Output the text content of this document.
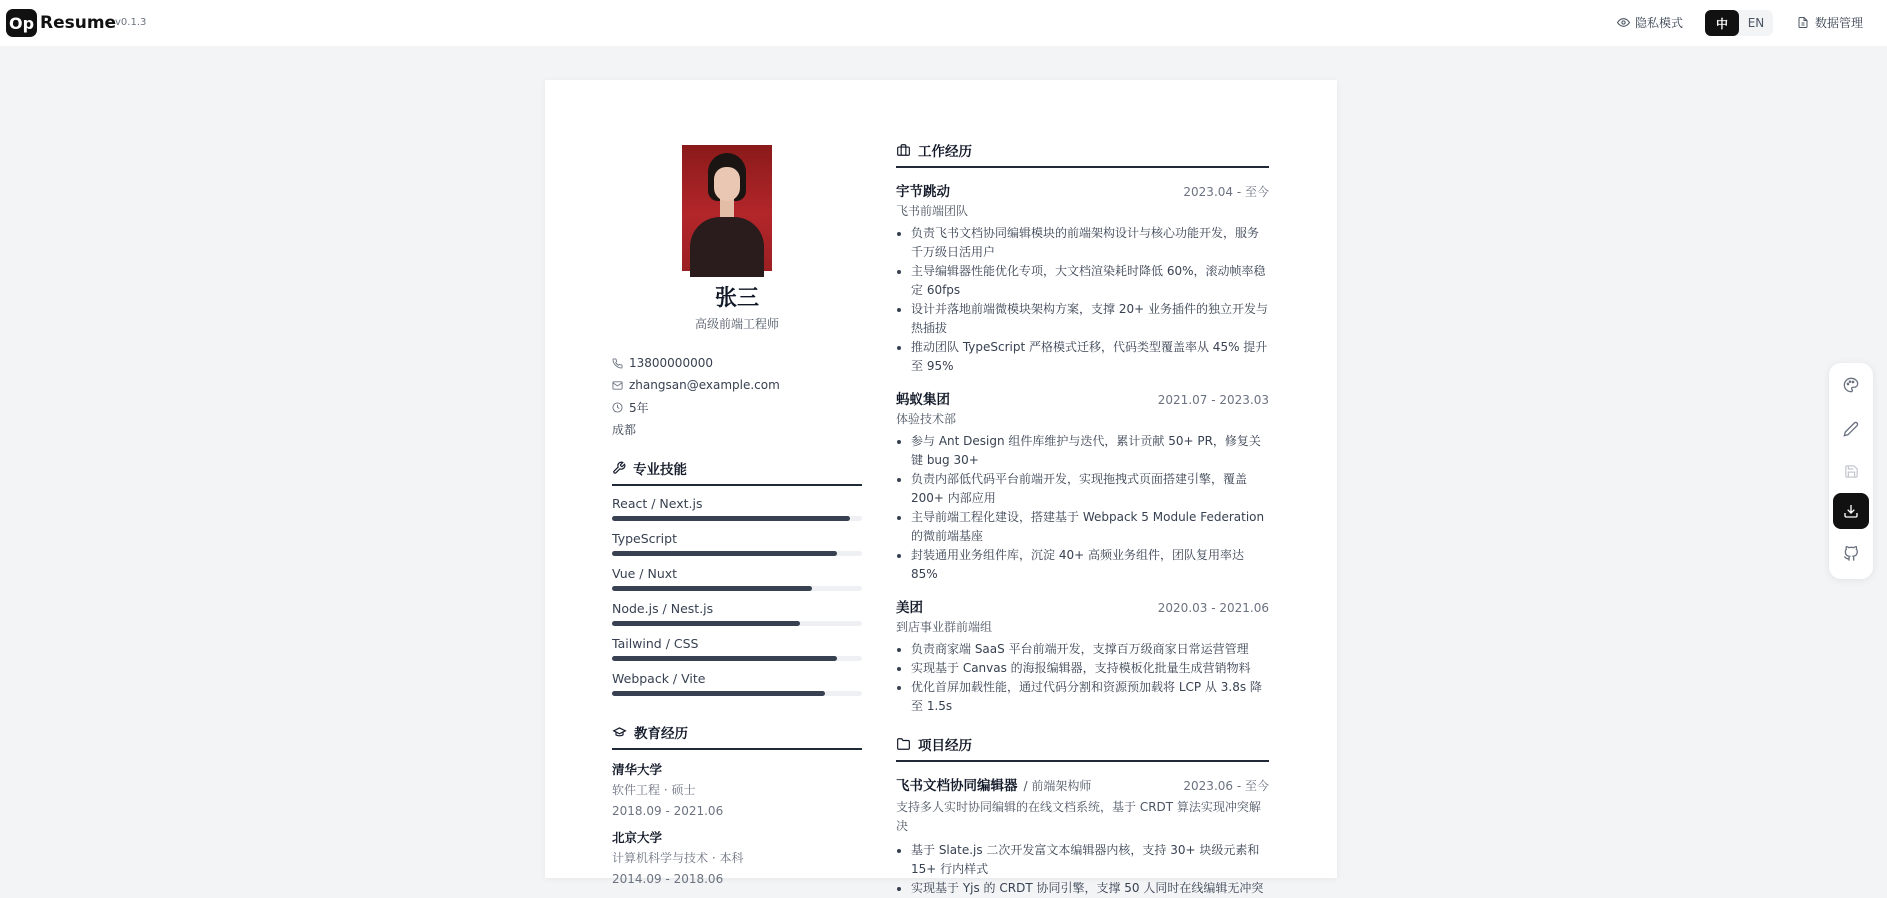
Op Resume
v0.1.3	隐私模式	中	EN	数据管理
张三
高级前端工程师
13800000000
zhangsan@example.com
5年
成都
专业技能
React / Next.js
TypeScript
Vue / Nuxt
Node.js / Nest.js
Tailwind / CSS
Webpack / Vite
教育经历
清华大学
软件工程 · 硕士
2018.09 - 2021.06
北京大学
计算机科学与技术 · 本科
2014.09 - 2018.06
工作经历
宇节跳动	2023.04 - 至今
飞书前端团队
• 负责飞书文档协同编辑模块的前端架构设计与核心功能开发，服务千万级日活用户
• 主导编辑器性能优化专项，大文档渲染耗时降低 60%，滚动帧率稳定 60fps
• 设计并落地前端微模块架构方案，支撑 20+ 业务插件的独立开发与热插拔
• 推动团队 TypeScript 严格模式迁移，代码类型覆盖率从 45% 提升至 95%
蚂蚁集团	2021.07 - 2023.03
体验技术部
• 参与 Ant Design 组件库维护与迭代，累计贡献 50+ PR，修复关键 bug 30+
• 负责内部低代码平台前端开发，实现拖拽式页面搭建引擎，覆盖 200+ 内部应用
• 主导前端工程化建设，搭建基于 Webpack 5 Module Federation 的微前端基座
• 封装通用业务组件库，沉淀 40+ 高频业务组件，团队复用率达 85%
美团	2020.03 - 2021.06
到店事业群前端组
• 负责商家端 SaaS 平台前端开发，支撑百万级商家日常运营管理
• 实现基于 Canvas 的海报编辑器，支持模板化批量生成营销物料
• 优化首屏加载性能，通过代码分割和资源预加载将 LCP 从 3.8s 降至 1.5s
项目经历
飞书文档协同编辑器 / 前端架构师	2023.06 - 至今
支持多人实时协同编辑的在线文档系统，基于 CRDT 算法实现冲突解决
• 基于 Slate.js 二次开发富文本编辑器内核，支持 30+ 块级元素和 15+ 行内样式
• 实现基于 Yjs 的 CRDT 协同引擎，支撑 50 人同时在线编辑无冲突
